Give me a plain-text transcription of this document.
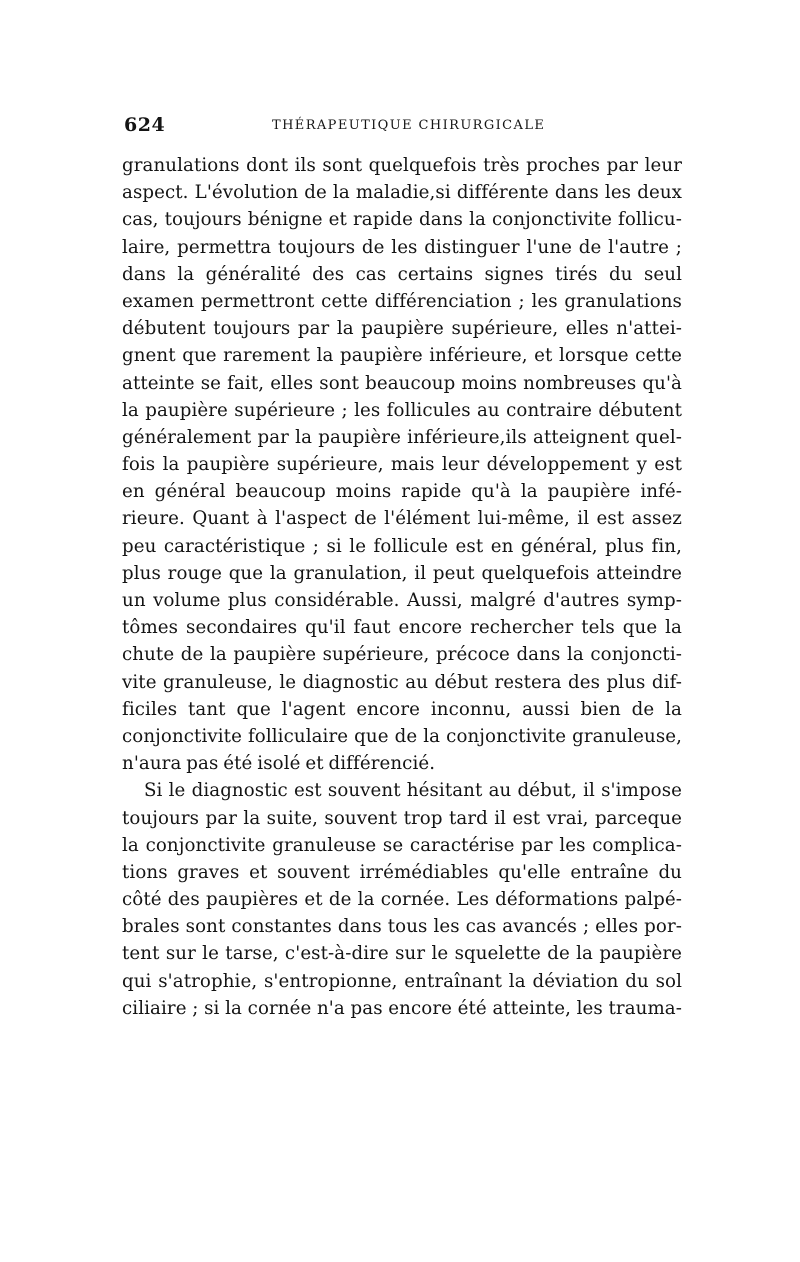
624	THÉRAPEUTIQUE CHIRURGICALE
granulations dont ils sont quelquefois très proches par leur
aspect. L'évolution de la maladie,si différente dans les deux
cas, toujours bénigne et rapide dans la conjonctivite follicu-
laire, permettra toujours de les distinguer l'une de l'autre ;
dans la généralité des cas certains signes tirés du seul
examen permettront cette différenciation ; les granulations
débutent toujours par la paupière supérieure, elles n'attei-
gnent que rarement la paupière inférieure, et lorsque cette
atteinte se fait, elles sont beaucoup moins nombreuses qu'à
la paupière supérieure ; les follicules au contraire débutent
généralement par la paupière inférieure,ils atteignent quel-
fois la paupière supérieure, mais leur développement y est
en général beaucoup moins rapide qu'à la paupière infé-
rieure. Quant à l'aspect de l'élément lui-même, il est assez
peu caractéristique ; si le follicule est en général, plus fin,
plus rouge que la granulation, il peut quelquefois atteindre
un volume plus considérable. Aussi, malgré d'autres symp-
tômes secondaires qu'il faut encore rechercher tels que la
chute de la paupière supérieure, précoce dans la conjoncti-
vite granuleuse, le diagnostic au début restera des plus dif-
ficiles tant que l'agent encore inconnu, aussi bien de la
conjonctivite folliculaire que de la conjonctivite granuleuse,
n'aura pas été isolé et différencié.
Si le diagnostic est souvent hésitant au début, il s'impose
toujours par la suite, souvent trop tard il est vrai, parceque
la conjonctivite granuleuse se caractérise par les complica-
tions graves et souvent irrémédiables qu'elle entraîne du
côté des paupières et de la cornée. Les déformations palpé-
brales sont constantes dans tous les cas avancés ; elles por-
tent sur le tarse, c'est-à-dire sur le squelette de la paupière
qui s'atrophie, s'entropionne, entraînant la déviation du sol
ciliaire ; si la cornée n'a pas encore été atteinte, les trauma-
